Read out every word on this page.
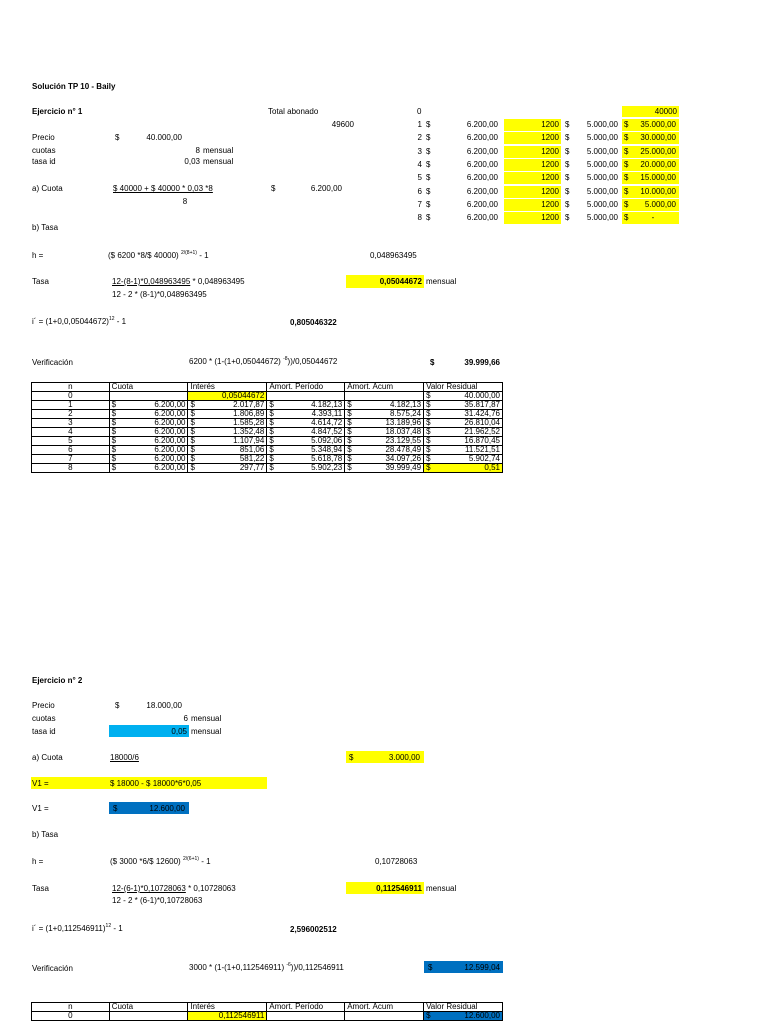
Solución TP 10 - Baily
Ejercicio n° 1
Precio	$	40.000,00
cuotas	8 mensual
tasa id	0,03 mensual
Total abonado
49600
a) Cuota	$ 40000 + $ 40000 * 0,03 *8
8
$	6.200,00
b) Tasa
h =	($ 6200 *8/$ 40000) $^{2/(8+1)}$ - 1	0,048963495
Tasa	12-(8-1)*0,048963495 * 0,048963495
12 - 2 * (8-1)*0,048963495
0,05044672 mensual
i´ = $(1+0,0,05044672)^{12} - 1$	0,805046322
Verificación	6200 * (1-(1+0,05044672) $^{-8}$))/0,05044672	$	39.999,66
0	40000
1 $	6.200,00	1200 $	5.000,00 $	35.000,00
2 $	6.200,00	1200 $	5.000,00 $	30.000,00
3 $	6.200,00	1200 $	5.000,00 $	25.000,00
4 $	6.200,00	1200 $	5.000,00 $	20.000,00
5 $	6.200,00	1200 $	5.000,00 $	15.000,00
6 $	6.200,00	1200 $	5.000,00 $	10.000,00
7 $	6.200,00	1200 $	5.000,00 $	5.000,00
8 $	6.200,00	1200 $	5.000,00 $	-
n	Cuota	Interés	Amort. Período	Amort. Acum	Valor Residual
0		0,05044672			$ 40.000,00

1	$ 6.200,00	$ 2.017,87	$ 4.182,13	$ 4.182,13	$ 35.817,87

2	$ 6.200,00	$ 1.806,89	$ 4.393,11	$ 8.575,24	$ 31.424,76

3	$ 6.200,00	$ 1.585,28	$ 4.614,72	$ 13.189,96	$ 26.810,04

4	$ 6.200,00	$ 1.352,48	$ 4.847,52	$ 18.037,48	$ 21.962,52

5	$ 6.200,00	$ 1.107,94	$ 5.092,06	$ 23.129,55	$ 16.870,45

6	$ 6.200,00	$ 851,06	$ 5.348,94	$ 28.478,49	$ 11.521,51

7	$ 6.200,00	$ 581,22	$ 5.618,78	$ 34.097,26	$ 5.902,74

8	$ 6.200,00	$ 297,77	$ 5.902,23	$ 39.999,49	$ 0,51
Ejercicio n° 2
Precio	$	18.000,00
cuotas	6 mensual
tasa id	0,05 mensual
a) Cuota	18000/6	$	3.000,00
V1 =	$ 18000 - $ 18000*6*0,05
V1 =	$	12.600,00
b) Tasa
h =	($ 3000 *6/$ 12600) $^{2/(6+1)}$ - 1	0,10728063
Tasa	12-(6-1)*0,10728063 * 0,10728063
12 - 2 * (6-1)*0,10728063
0,112546911 mensual
i´ = $(1+0,112546911)^{12} - 1$	2,596002512
Verificación	3000 * (1-(1+0,112546911) $^{-6}$))/0,112546911	$	12.599,04
n	Cuota	Interés	Amort. Período	Amort. Acum	Valor Residual
0		0,112546911			$ 12.600,00
